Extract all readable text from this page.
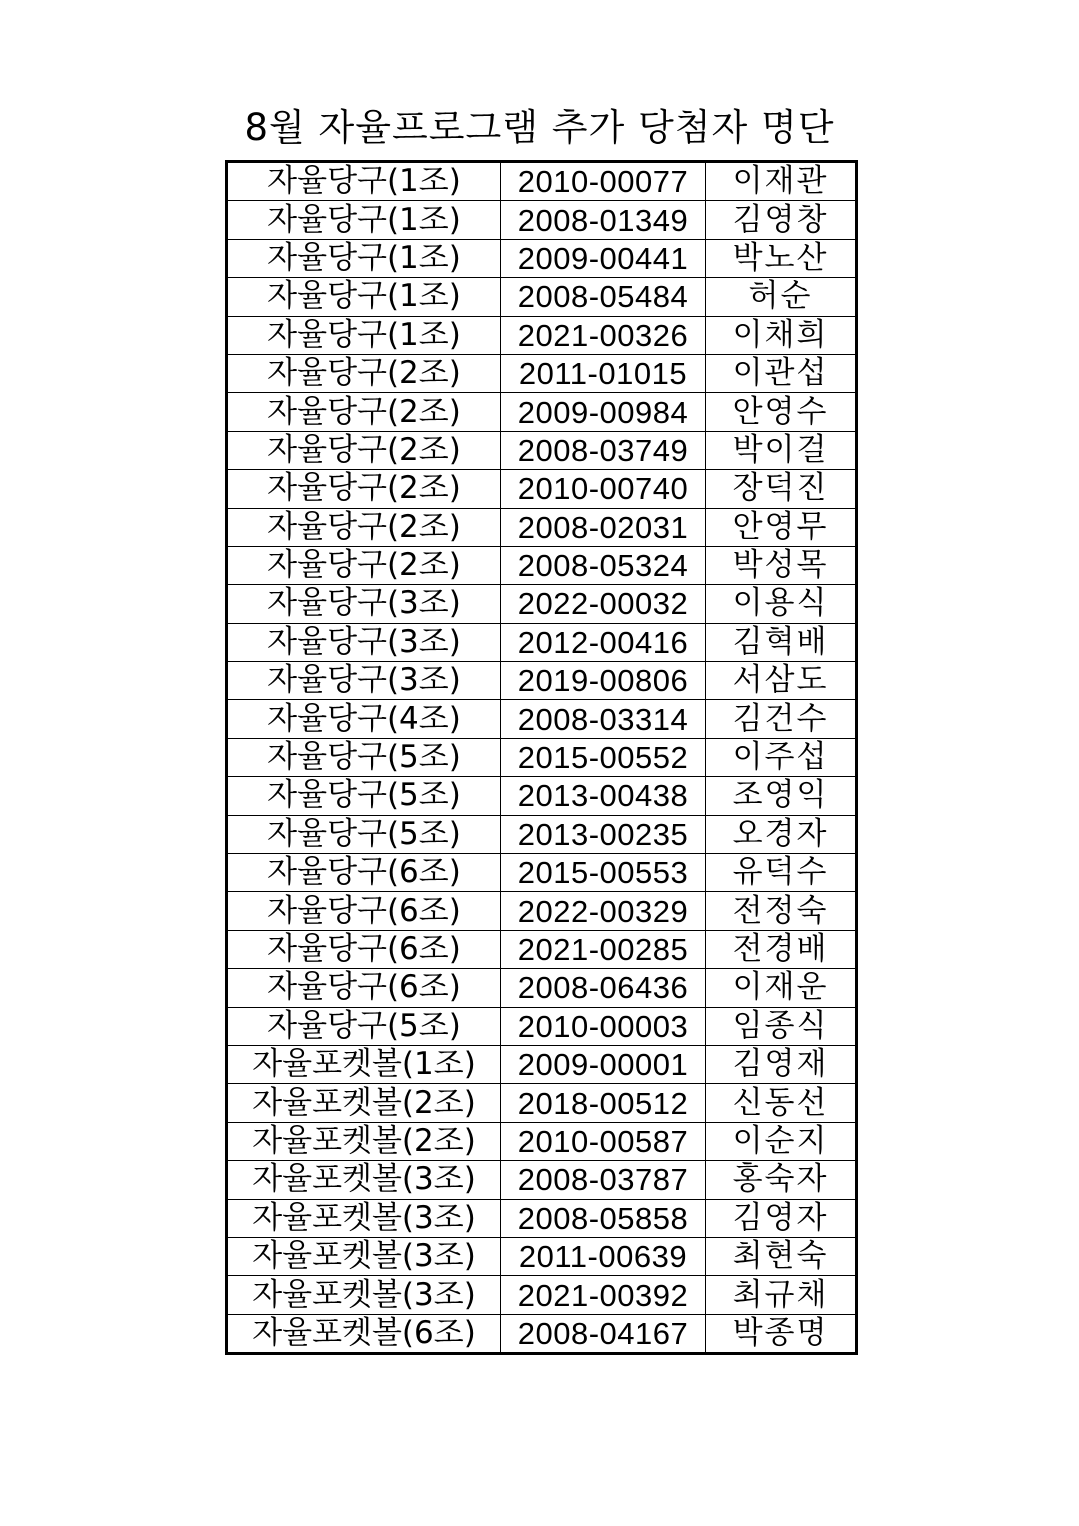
8월 자율프로그램 추가 당첨자 명단
자율당구(1조)	2010-00077	이재관
자율당구(1조)	2008-01349	김영창
자율당구(1조)	2009-00441	박노산
자율당구(1조)	2008-05484	허순
자율당구(1조)	2021-00326	이채희
자율당구(2조)	2011-01015	이관섭
자율당구(2조)	2009-00984	안영수
자율당구(2조)	2008-03749	박이걸
자율당구(2조)	2010-00740	장덕진
자율당구(2조)	2008-02031	안영무
자율당구(2조)	2008-05324	박성목
자율당구(3조)	2022-00032	이용식
자율당구(3조)	2012-00416	김혁배
자율당구(3조)	2019-00806	서삼도
자율당구(4조)	2008-03314	김건수
자율당구(5조)	2015-00552	이주섭
자율당구(5조)	2013-00438	조영익
자율당구(5조)	2013-00235	오경자
자율당구(6조)	2015-00553	유덕수
자율당구(6조)	2022-00329	전정숙
자율당구(6조)	2021-00285	전경배
자율당구(6조)	2008-06436	이재운
자율당구(5조)	2010-00003	임종식
자율포켓볼(1조)	2009-00001	김영재
자율포켓볼(2조)	2018-00512	신동선
자율포켓볼(2조)	2010-00587	이순지
자율포켓볼(3조)	2008-03787	홍숙자
자율포켓볼(3조)	2008-05858	김영자
자율포켓볼(3조)	2011-00639	최현숙
자율포켓볼(3조)	2021-00392	최규채
자율포켓볼(6조)	2008-04167	박종명
